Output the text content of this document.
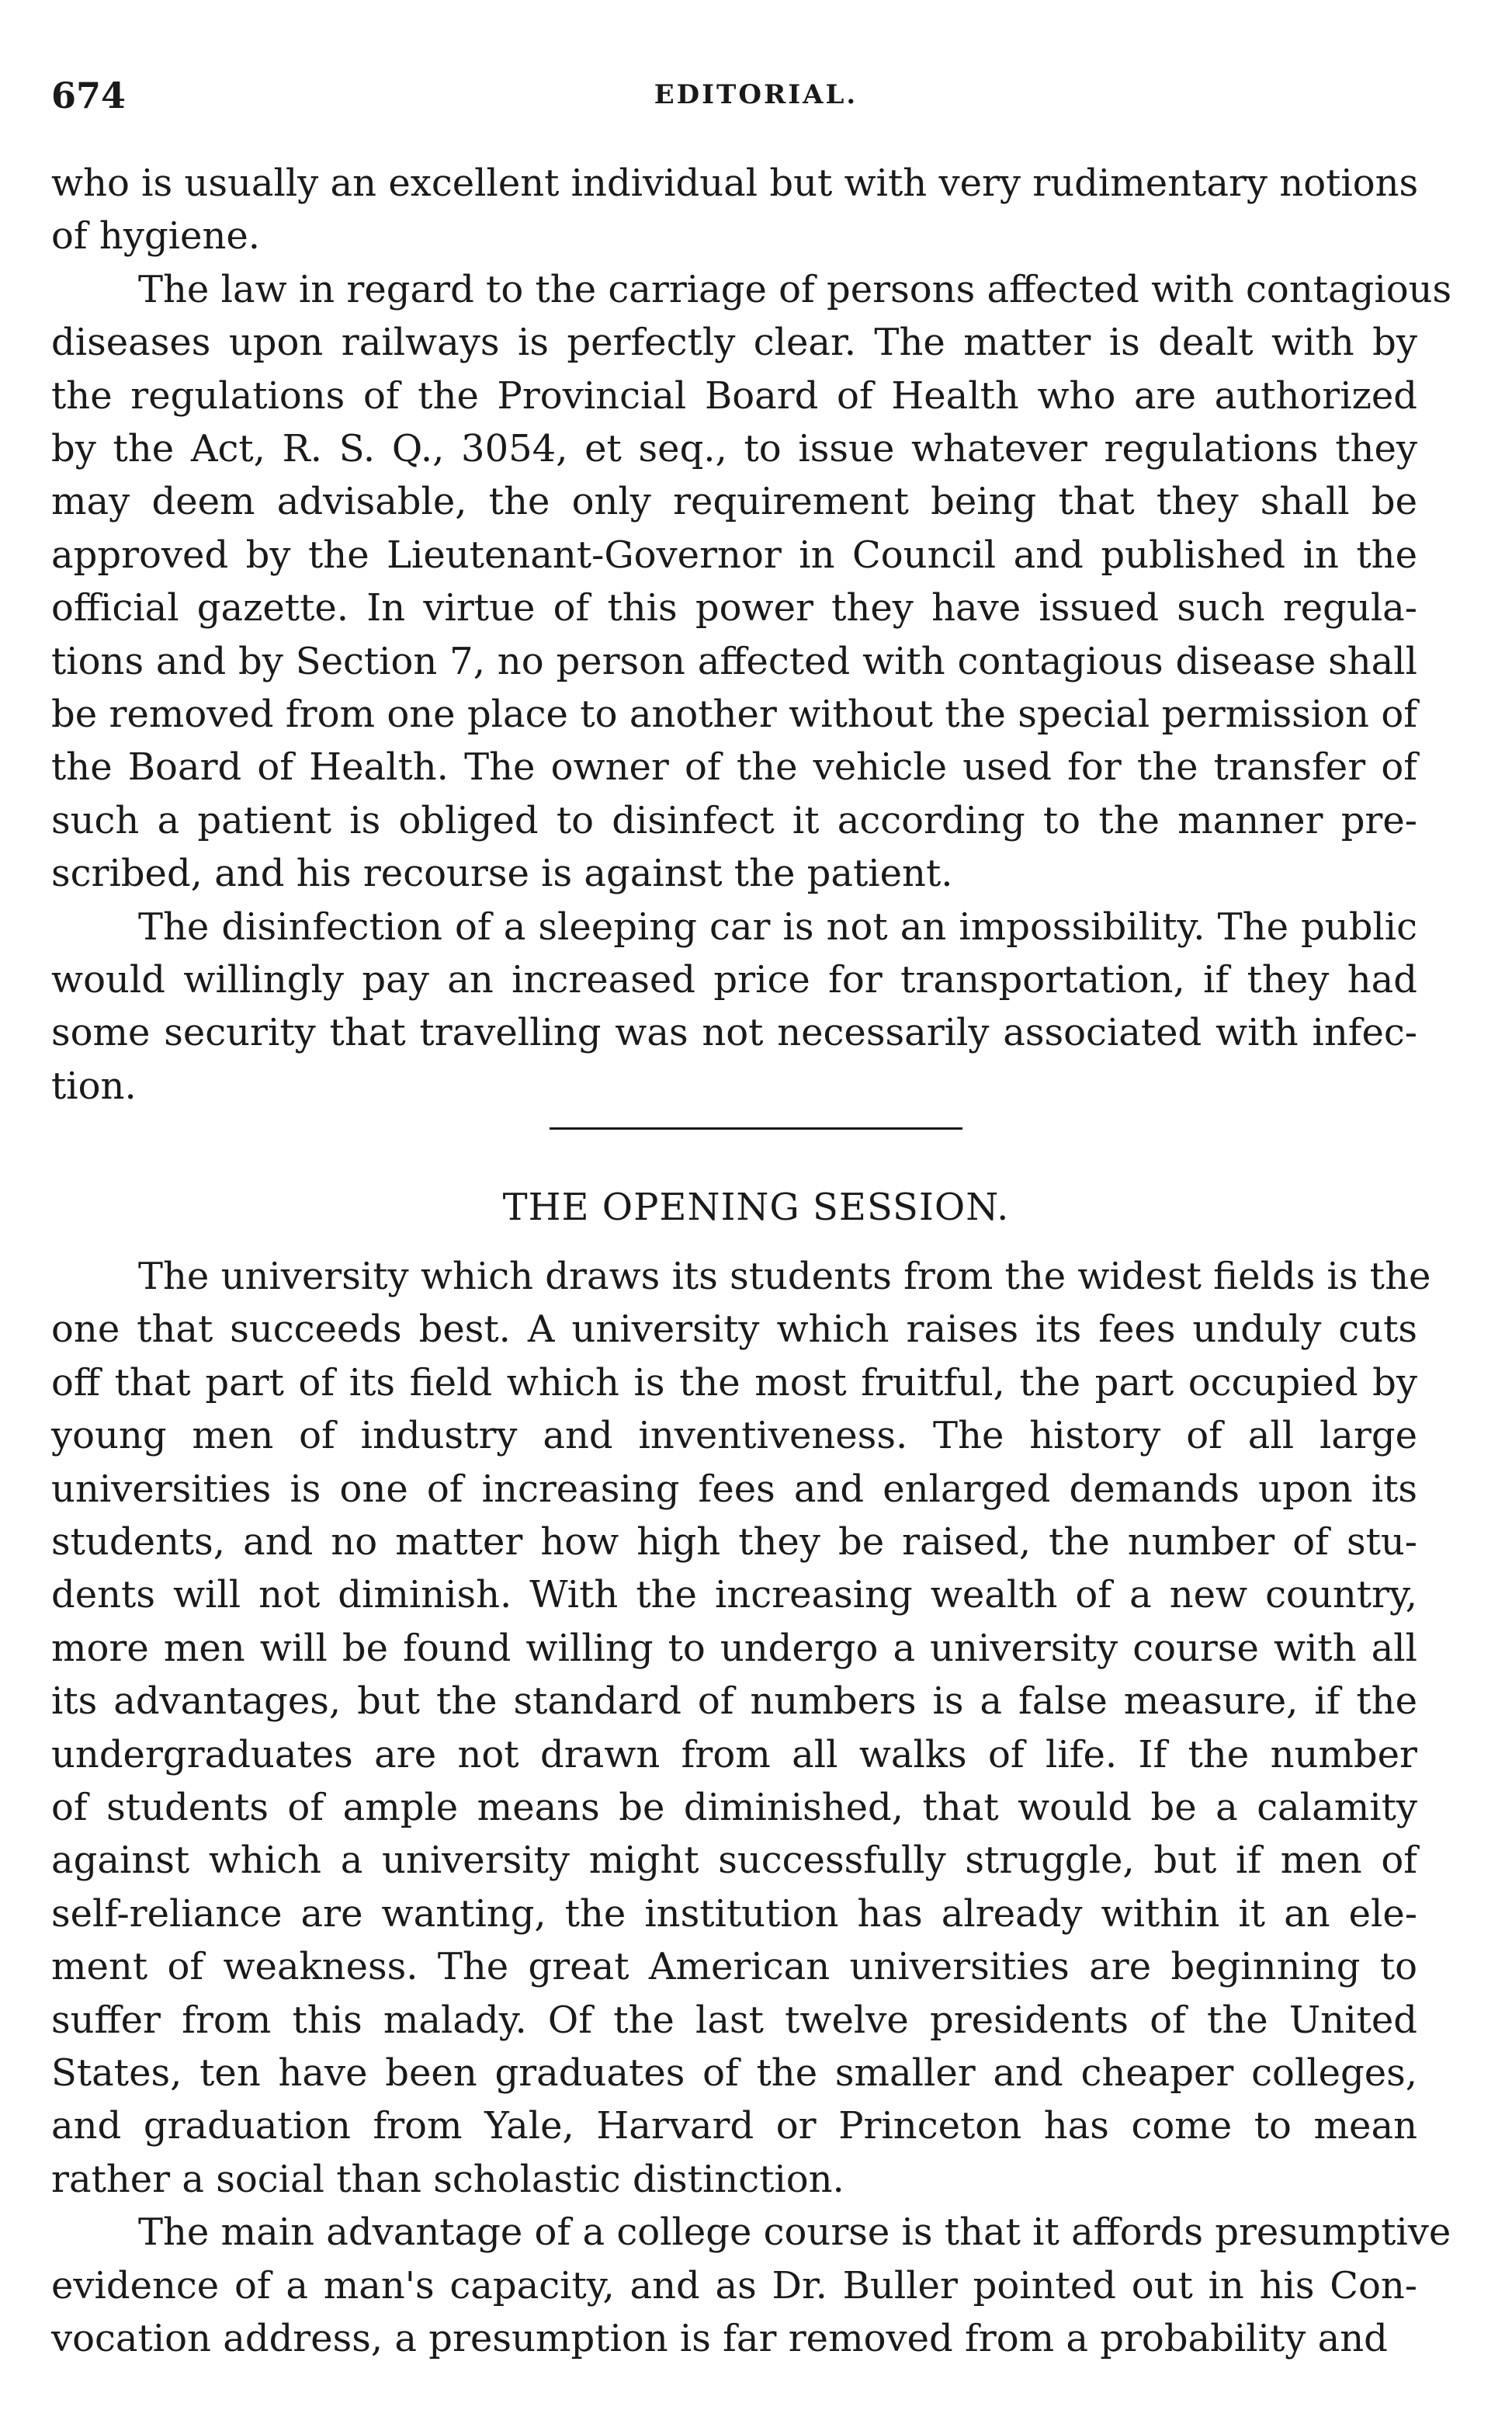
674	EDITORIAL.
who is usually an excellent individual but with very rudimentary notions
of hygiene.
The law in regard to the carriage of persons affected with contagious
diseases upon railways is perfectly clear. The matter is dealt with by
the regulations of the Provincial Board of Health who are authorized
by the Act, R. S. Q., 3054, et seq., to issue whatever regulations they
may deem advisable, the only requirement being that they shall be
approved by the Lieutenant-Governor in Council and published in the
official gazette. In virtue of this power they have issued such regula-
tions and by Section 7, no person affected with contagious disease shall
be removed from one place to another without the special permission of
the Board of Health. The owner of the vehicle used for the transfer of
such a patient is obliged to disinfect it according to the manner pre-
scribed, and his recourse is against the patient.
The disinfection of a sleeping car is not an impossibility. The public
would willingly pay an increased price for transportation, if they had
some security that travelling was not necessarily associated with infec-
tion.
THE OPENING SESSION.
The university which draws its students from the widest fields is the
one that succeeds best. A university which raises its fees unduly cuts
off that part of its field which is the most fruitful, the part occupied by
young men of industry and inventiveness. The history of all large
universities is one of increasing fees and enlarged demands upon its
students, and no matter how high they be raised, the number of stu-
dents will not diminish. With the increasing wealth of a new country,
more men will be found willing to undergo a university course with all
its advantages, but the standard of numbers is a false measure, if the
undergraduates are not drawn from all walks of life. If the number
of students of ample means be diminished, that would be a calamity
against which a university might successfully struggle, but if men of
self-reliance are wanting, the institution has already within it an ele-
ment of weakness. The great American universities are beginning to
suffer from this malady. Of the last twelve presidents of the United
States, ten have been graduates of the smaller and cheaper colleges,
and graduation from Yale, Harvard or Princeton has come to mean
rather a social than scholastic distinction.
The main advantage of a college course is that it affords presumptive
evidence of a man's capacity, and as Dr. Buller pointed out in his Con-
vocation address, a presumption is far removed from a probability and
